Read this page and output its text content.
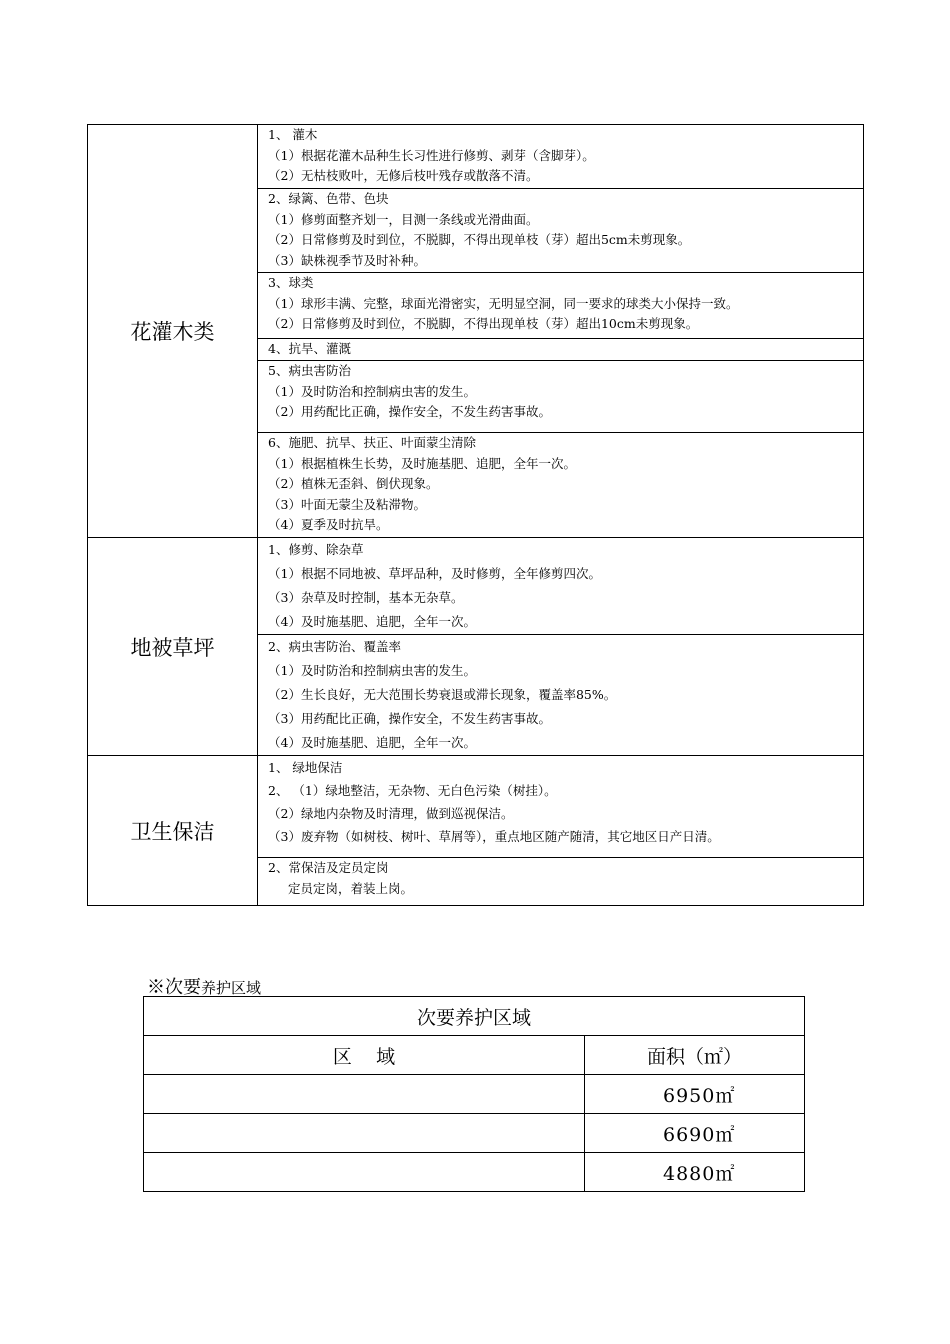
花灌木类	1、 灌木
（1）根据花灌木品种生长习性进行修剪、剥芽（含脚芽）。
（2）无枯枝败叶，无修后枝叶残存或散落不清。

	2、绿篱、色带、色块
（1）修剪面整齐划一，目测一条线或光滑曲面。
（2）日常修剪及时到位，不脱脚，不得出现单枝（芽）超出5cm未剪现象。
（3）缺株视季节及时补种。

	3、球类
（1）球形丰满、完整，球面光滑密实，无明显空洞，同一要求的球类大小保持一致。
（2）日常修剪及时到位，不脱脚，不得出现单枝（芽）超出10cm未剪现象。

	4、抗旱、灌溉

	5、病虫害防治
（1）及时防治和控制病虫害的发生。
（2）用药配比正确，操作安全，不发生药害事故。

	6、施肥、抗旱、扶正、叶面蒙尘清除
（1）根据植株生长势，及时施基肥、追肥，全年一次。
（2）植株无歪斜、倒伏现象。
（3）叶面无蒙尘及粘滞物。
（4）夏季及时抗旱。

地被草坪	1、修剪、除杂草
（1）根据不同地被、草坪品种，及时修剪，全年修剪四次。
（3）杂草及时控制，基本无杂草。
（4）及时施基肥、追肥，全年一次。

	2、病虫害防治、覆盖率
（1）及时防治和控制病虫害的发生。
（2）生长良好，无大范围长势衰退或滞长现象，覆盖率85%。
（3）用药配比正确，操作安全，不发生药害事故。
（4）及时施基肥、追肥，全年一次。

卫生保洁	1、 绿地保洁
2、 （1）绿地整洁，无杂物、无白色污染（树挂）。
（2）绿地内杂物及时清理，做到巡视保洁。
（3）废弃物（如树枝、树叶、草屑等），重点地区随产随清，其它地区日产日清。

	2、常保洁及定员定岗
定员定岗，着装上岗。
※次要养护区域
次要养护区域	
区    域	面积（㎡）
	6950㎡
	6690㎡
	4880㎡
